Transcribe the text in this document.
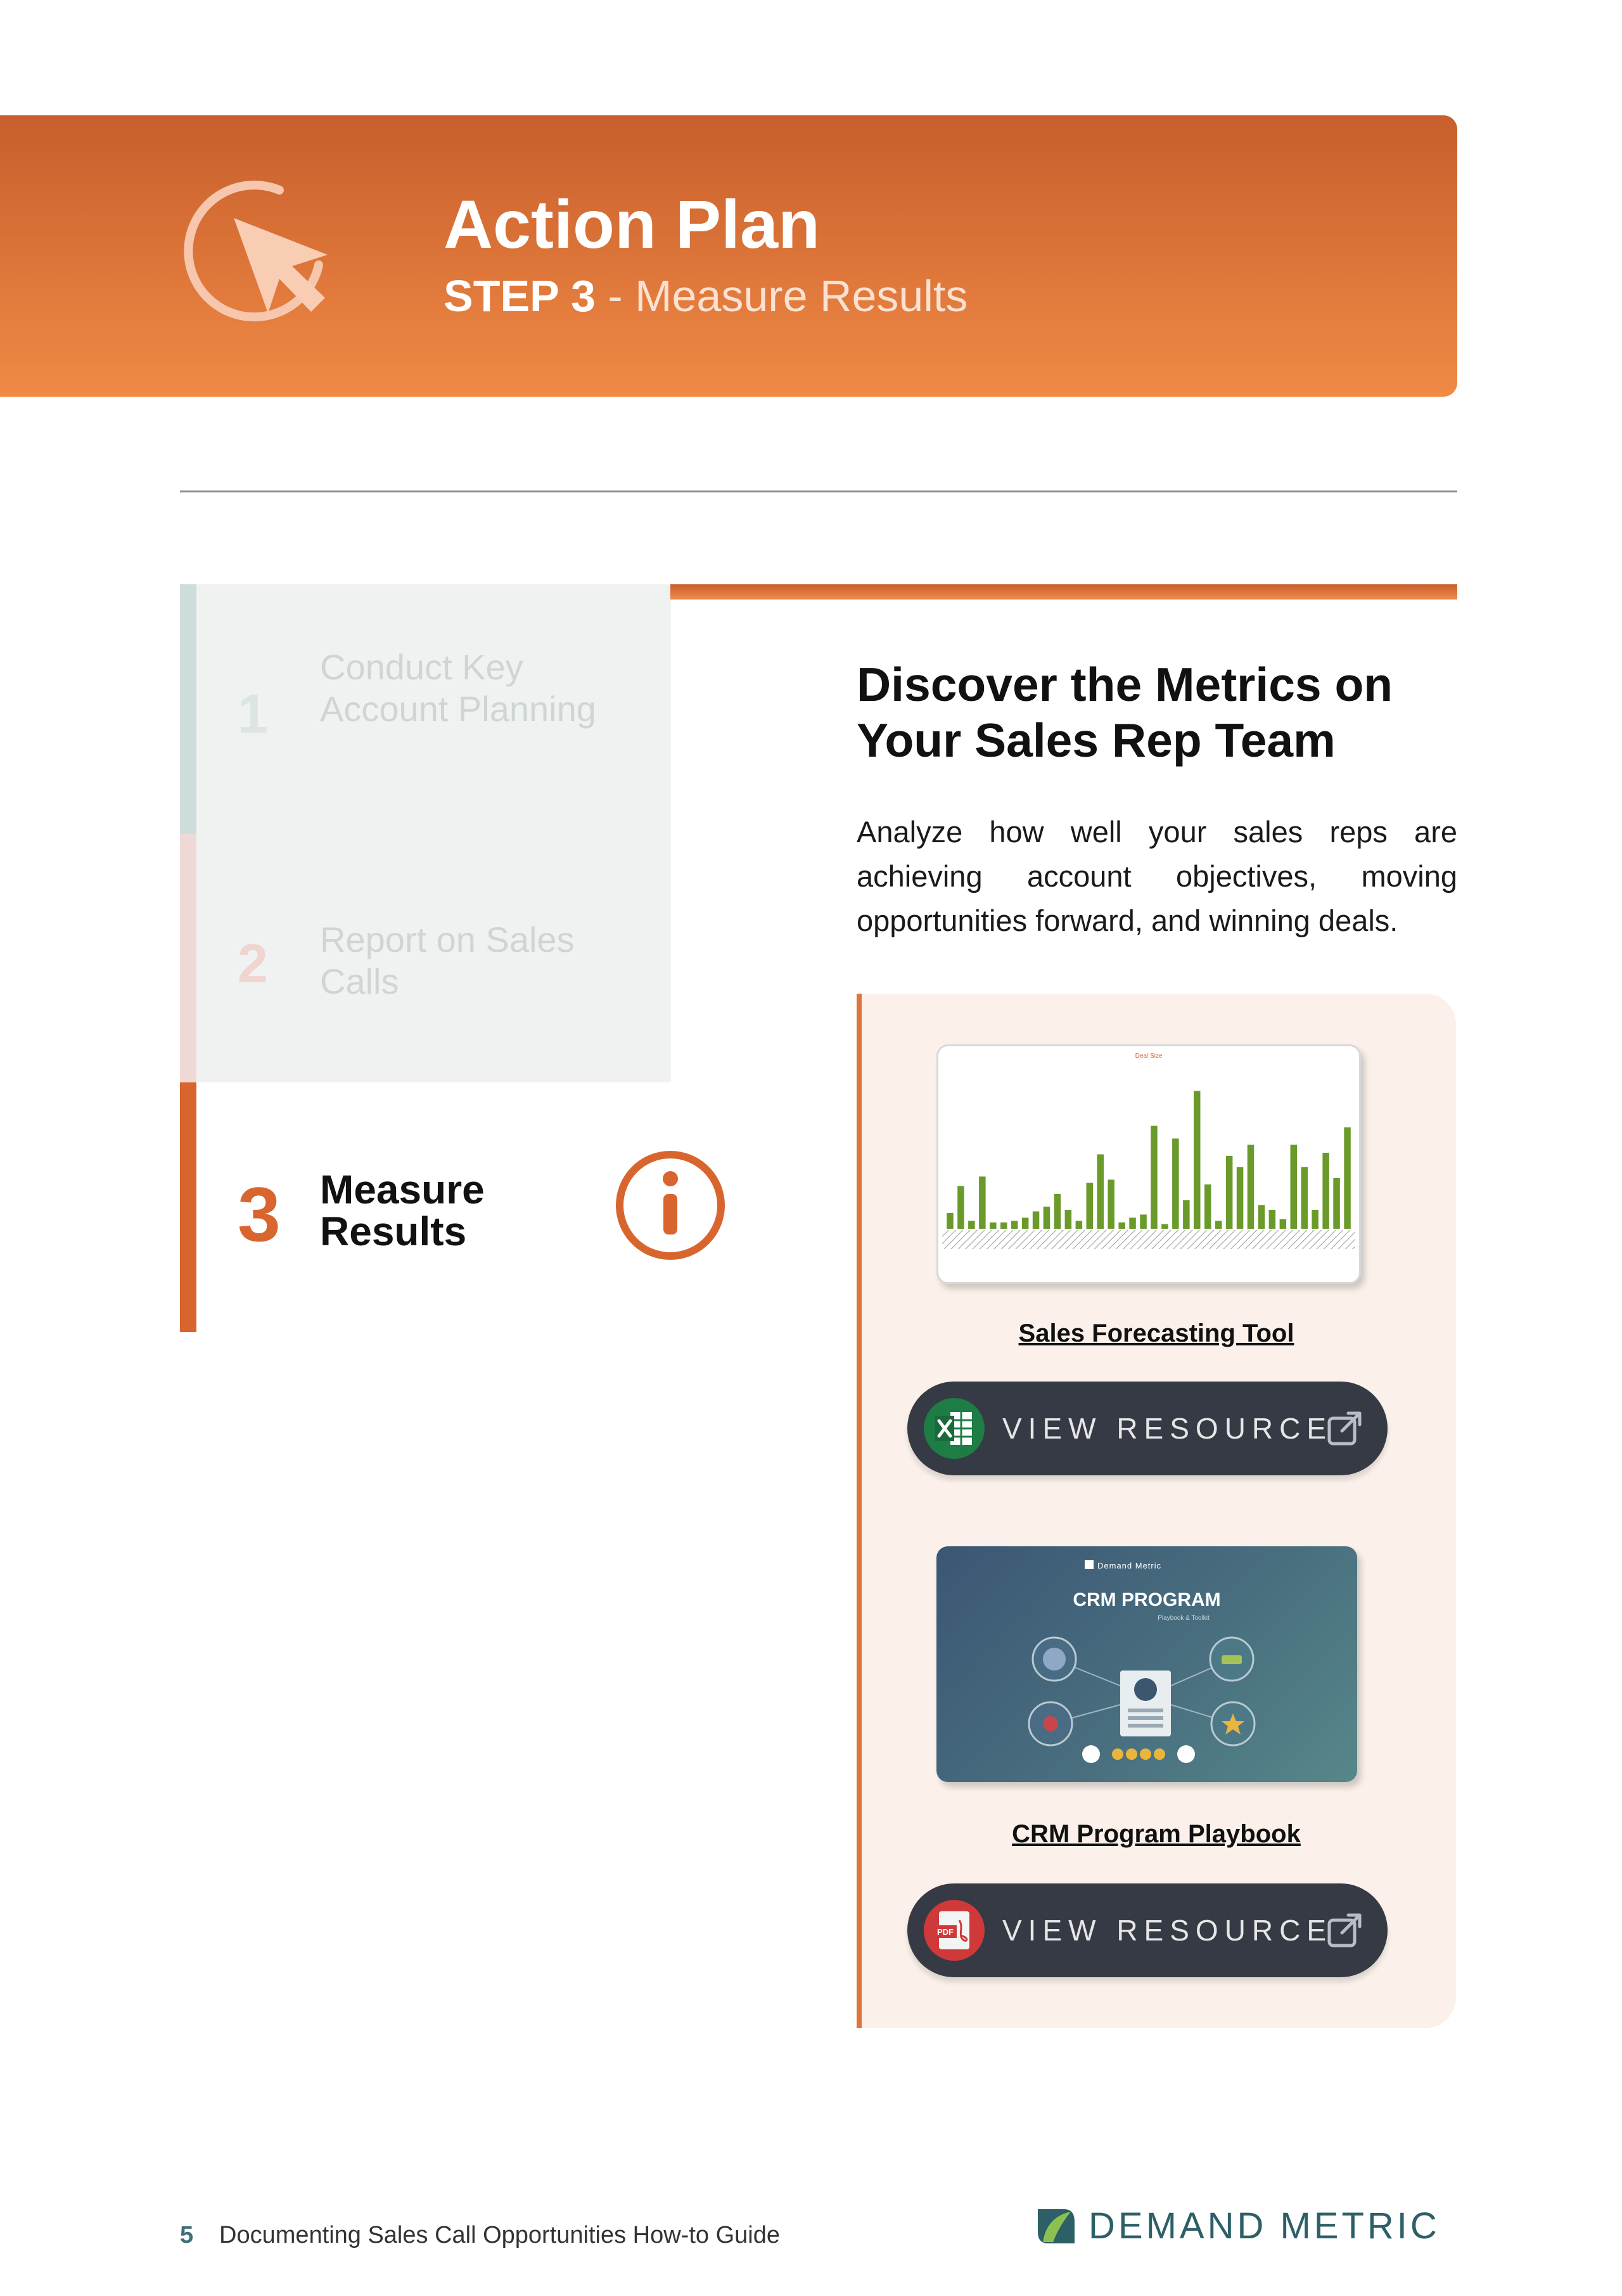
Action Plan
STEP 3 - Measure Results
1
Conduct Key Account Planning
2 Report on Sales Calls
3 Measure Results
Discover the Metrics on Your Sales Rep Team
Analyze how well your sales reps are achieving account objectives, moving opportunities forward, and winning deals.
Deal Size
Sales Forecasting Tool
VIEW RESOURCE
Demand Metric
CRM PROGRAM
Playbook & Toolkit
CRM Program Playbook
PDF VIEW RESOURCE
5 Documenting Sales Call Opportunities How-to Guide	DEMAND METRIC
